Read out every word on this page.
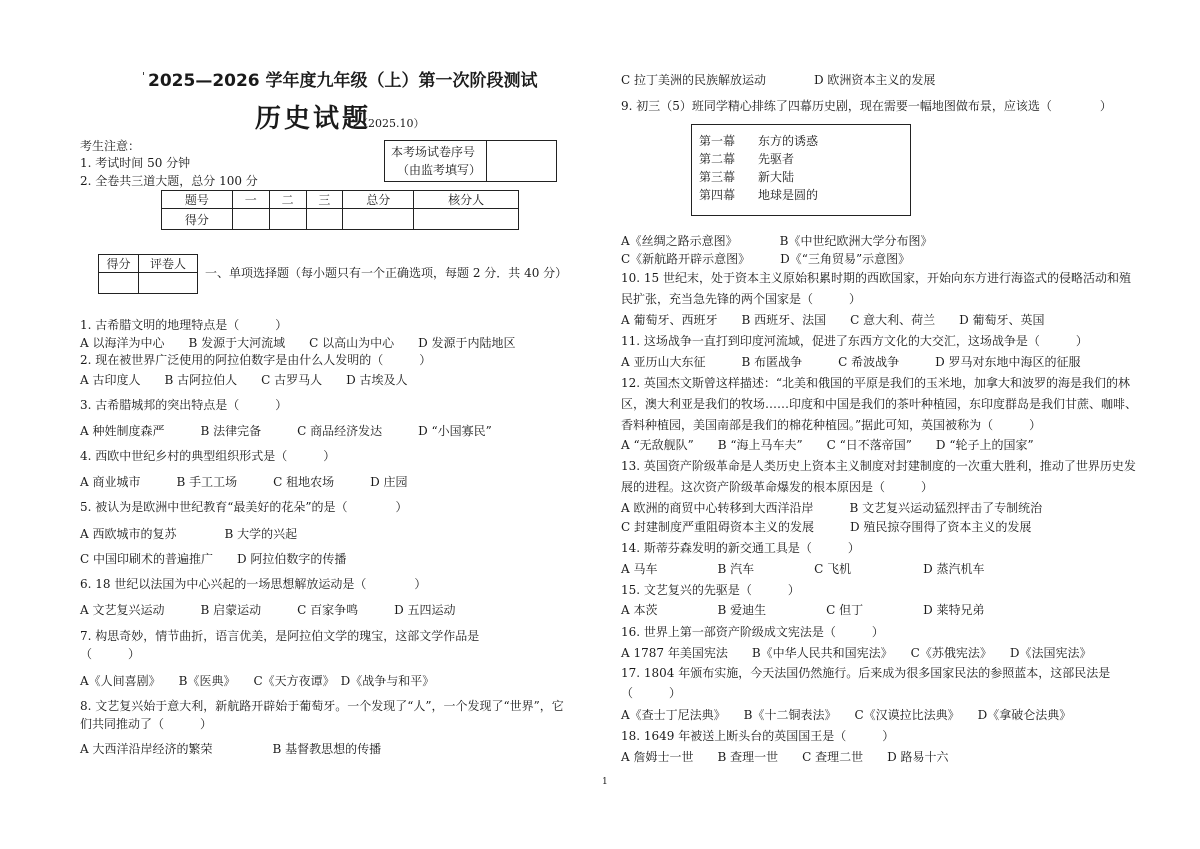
' 2025—2026 学年度九年级（上）第一次阶段测试
历史试题
（2025.10）
考生注意：
1. 考试时间 50 分钟
2. 全卷共三道大题，总分 100 分
本考场试卷序号
（由监考填写）
题号	一	二	三	总分	核分人
得分					
得分	评卷人

一、单项选择题（每小题只有一个正确选项，每题 2 分．共 40 分）
1. 古希腊文明的地理特点是（　　　）
A 以海洋为中心　　B 发源于大河流域　　C 以高山为中心　　D 发源于内陆地区
2. 现在被世界广泛使用的阿拉伯数字是由什么人发明的（　　　）
A 古印度人　　B 古阿拉伯人　　C 古罗马人　　D 古埃及人
3. 古希腊城邦的突出特点是（　　　）
A 种姓制度森严　　　B 法律完备　　　C 商品经济发达　　　D “小国寡民”
4. 西欧中世纪乡村的典型组织形式是（　　　）
A 商业城市　　　B 手工工场　　　C 租地农场　　　D 庄园
5. 被认为是欧洲中世纪教育“最美好的花朵”的是（　　　　）
A 西欧城市的复苏　　　　B 大学的兴起
C 中国印刷术的普遍推广　　D 阿拉伯数字的传播
6. 18 世纪以法国为中心兴起的一场思想解放运动是（　　　　）
A 文艺复兴运动　　　B 启蒙运动　　　C 百家争鸣　　　D 五四运动
7. 构思奇妙，情节曲折，语言优美，是阿拉伯文学的瑰宝，这部文学作品是
（　　　）
A《人间喜剧》　　B《医典》　　C《天方夜谭》　D《战争与和平》
8. 文艺复兴始于意大利，新航路开辟始于葡萄牙。一个发现了“人”，一个发现了“世界”，它
们共同推动了（　　　）
A 大西洋沿岸经济的繁荣　　　　　B 基督教思想的传播
C 拉丁美洲的民族解放运动　　　　D 欧洲资本主义的发展
9. 初三（5）班同学精心排练了四幕历史剧，现在需要一幅地图做布景，应该选（　　　　）
第一幕 东方的诱惑
第二幕 先驱者
第三幕 新大陆
第四幕 地球是圆的
A《丝绸之路示意图》　　　　B《中世纪欧洲大学分布图》
C《新航路开辟示意图》　　　D《“三角贸易”示意图》
10. 15 世纪末，处于资本主义原始积累时期的西欧国家，开始向东方进行海盗式的侵略活动和殖
民扩张，充当急先锋的两个国家是（　　　）
A 葡萄牙、西班牙　　B 西班牙、法国　　C 意大利、荷兰　　D 葡萄牙、英国
11. 这场战争一直打到印度河流域，促进了东西方文化的大交汇，这场战争是（　　　）
A 亚历山大东征　　　B 布匿战争　　　C 希波战争　　　D 罗马对东地中海区的征服
12. 英国杰文斯曾这样描述：“北美和俄国的平原是我们的玉米地，加拿大和波罗的海是我们的林
区，澳大利亚是我们的牧场……印度和中国是我们的茶叶种植园，东印度群岛是我们甘蔗、咖啡、
香料种植园，美国南部是我们的棉花种植园。”据此可知，英国被称为（　　　）
A “无敌舰队”　　B “海上马车夫”　　C “日不落帝国”　　D “轮子上的国家”
13. 英国资产阶级革命是人类历史上资本主义制度对封建制度的一次重大胜利，推动了世界历史发
展的进程。这次资产阶级革命爆发的根本原因是（　　　）
A 欧洲的商贸中心转移到大西洋沿岸　　　B 文艺复兴运动猛烈抨击了专制统治
C 封建制度严重阻碍资本主义的发展　　　D 殖民掠夺围得了资本主义的发展
14. 斯蒂芬森发明的新交通工具是（　　　）
A 马车　　　　　B 汽车　　　　　C 飞机　　　　　　D 蒸汽机车
15. 文艺复兴的先驱是（　　　）
A 本茨　　　　　B 爱迪生　　　　　C 但丁　　　　　D 莱特兄弟
16. 世界上第一部资产阶级成文宪法是（　　　）
A 1787 年美国宪法　　B《中华人民共和国宪法》　　C《苏俄宪法》　　D《法国宪法》
17. 1804 年颁布实施，今天法国仍然施行。后来成为很多国家民法的参照蓝本，这部民法是
（　　　）
A《查士丁尼法典》　　B《十二铜表法》　　C《汉谟拉比法典》　　D《拿破仑法典》
18. 1649 年被送上断头台的英国国王是（　　　）
A 詹姆士一世　　B 查理一世　　C 查理二世　　D 路易十六
1
